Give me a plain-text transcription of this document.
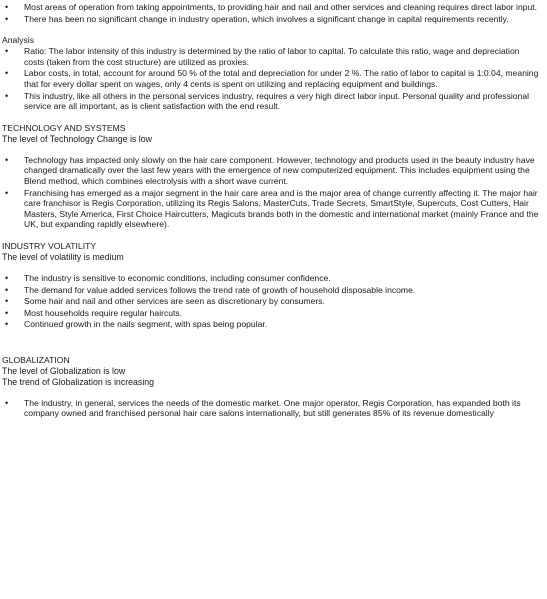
• Most areas of operation from taking appointments, to providing hair and nail and other services and cleaning requires direct labor input.
• There has been no significant change in industry operation, which involves a significant change in capital requirements recently.

Analysis

• Ratio: The labor intensity of this industry is determined by the ratio of labor to capital. To calculate this ratio, wage and depreciation costs (taken from the cost structure) are utilized as proxies.
• Labor costs, in total, account for around 50 % of the total and depreciation for under 2 %. The ratio of labor to capital is 1:0.04, meaning that for every dollar spent on wages, only 4 cents is spent on utilizing and replacing equipment and buildings.
• This industry, like all others in the personal services industry, requires a very high direct labor input. Personal quality and professional service are all important, as is client satisfaction with the end result.

TECHNOLOGY AND SYSTEMS

The level of Technology Change is low

• Technology has impacted only slowly on the hair care component. However, technology and products used in the beauty industry have changed dramatically over the last few years with the emergence of new computerized equipment. This includes equipment using the Blend method, which combines electrolysis with a short wave current.
• Franchising has emerged as a major segment in the hair care area and is the major area of change currently affecting it. The major hair care franchisor is Regis Corporation, utilizing its Regis Salons, MasterCuts, Trade Secrets, SmartStyle, Supercuts, Cost Cutters, Hair Masters, Style America, First Choice Haircutters, Magicuts brands both in the domestic and international market (mainly France and the UK, but expanding rapidly elsewhere).

INDUSTRY VOLATILITY

The level of volatility is medium

• The industry is sensitive to economic conditions, including consumer confidence.
• The demand for value added services follows the trend rate of growth of household disposable income.
• Some hair and nail and other services are seen as discretionary by consumers.
• Most households require regular haircuts.
• Continued growth in the nails segment, with spas being popular.

GLOBALIZATION

The level of Globalization is low

The trend of Globalization is increasing

• The industry, in general, services the needs of the domestic market. One major operator, Regis Corporation, has expanded both its company owned and franchised personal hair care salons internationally, but still generates 85% of its revenue domestically
